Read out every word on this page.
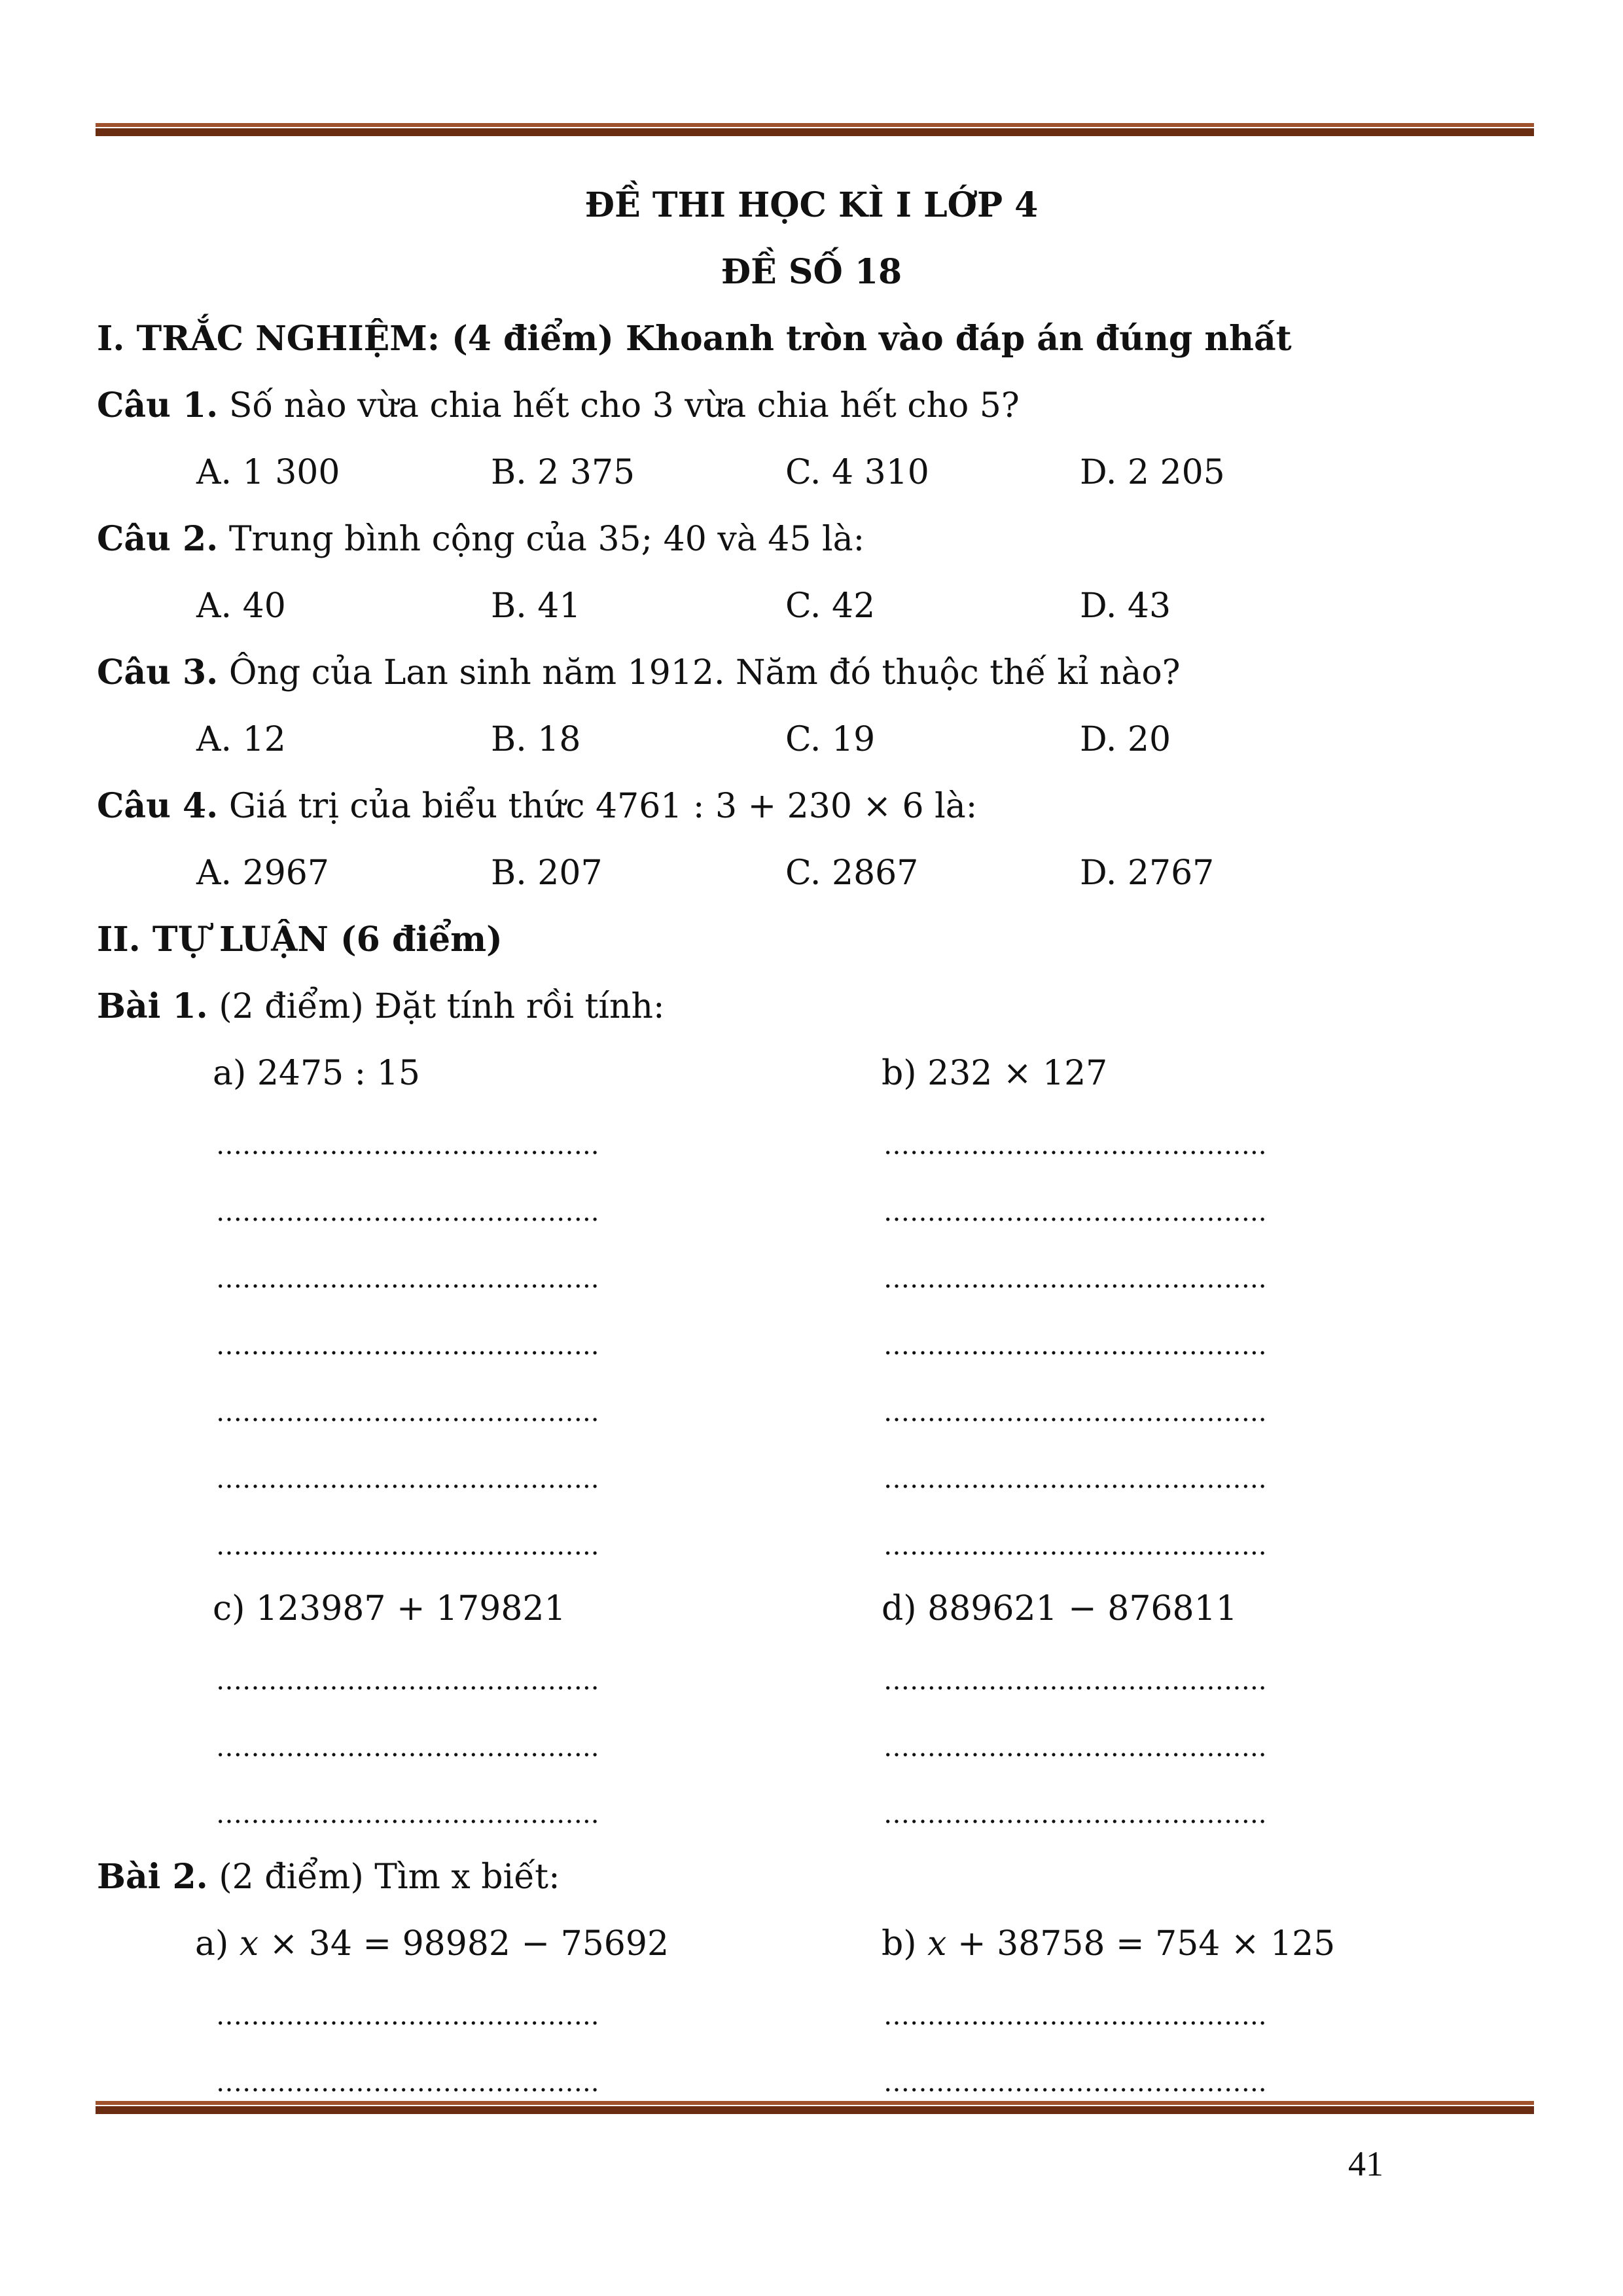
ĐỀ THI HỌC KÌ I LỚP 4
ĐỀ SỐ 18
I. TRẮC NGHIỆM: (4 điểm) Khoanh tròn vào đáp án đúng nhất
Câu 1. Số nào vừa chia hết cho 3 vừa chia hết cho 5?
A. 1 300	B. 2 375	C. 4 310	D. 2 205
Câu 2. Trung bình cộng của 35; 40 và 45 là:
A. 40	B. 41	C. 42	D. 43
Câu 3. Ông của Lan sinh năm 1912. Năm đó thuộc thế kỉ nào?
A. 12	B. 18	C. 19	D. 20
Câu 4. Giá trị của biểu thức 4761 : 3 + 230 × 6 là:
A. 2967	B. 207	C. 2867	D. 2767
II. TỰ LUẬN (6 điểm)
Bài 1. (2 điểm) Đặt tính rồi tính:
a) 2475 : 15	b) 232 × 127
……………………………………..	……………………………………..
……………………………………..	……………………………………..
……………………………………..	……………………………………..
……………………………………..	……………………………………..
……………………………………..	……………………………………..
……………………………………..	……………………………………..
……………………………………..	……………………………………..
c) 123987 + 179821	d) 889621 − 876811
……………………………………..	……………………………………..
……………………………………..	……………………………………..
……………………………………..	……………………………………..
Bài 2. (2 điểm) Tìm x biết:
a) x × 34 = 98982 − 75692	b) x + 38758 = 754 × 125
……………………………………..	……………………………………..
……………………………………..	……………………………………..
41
